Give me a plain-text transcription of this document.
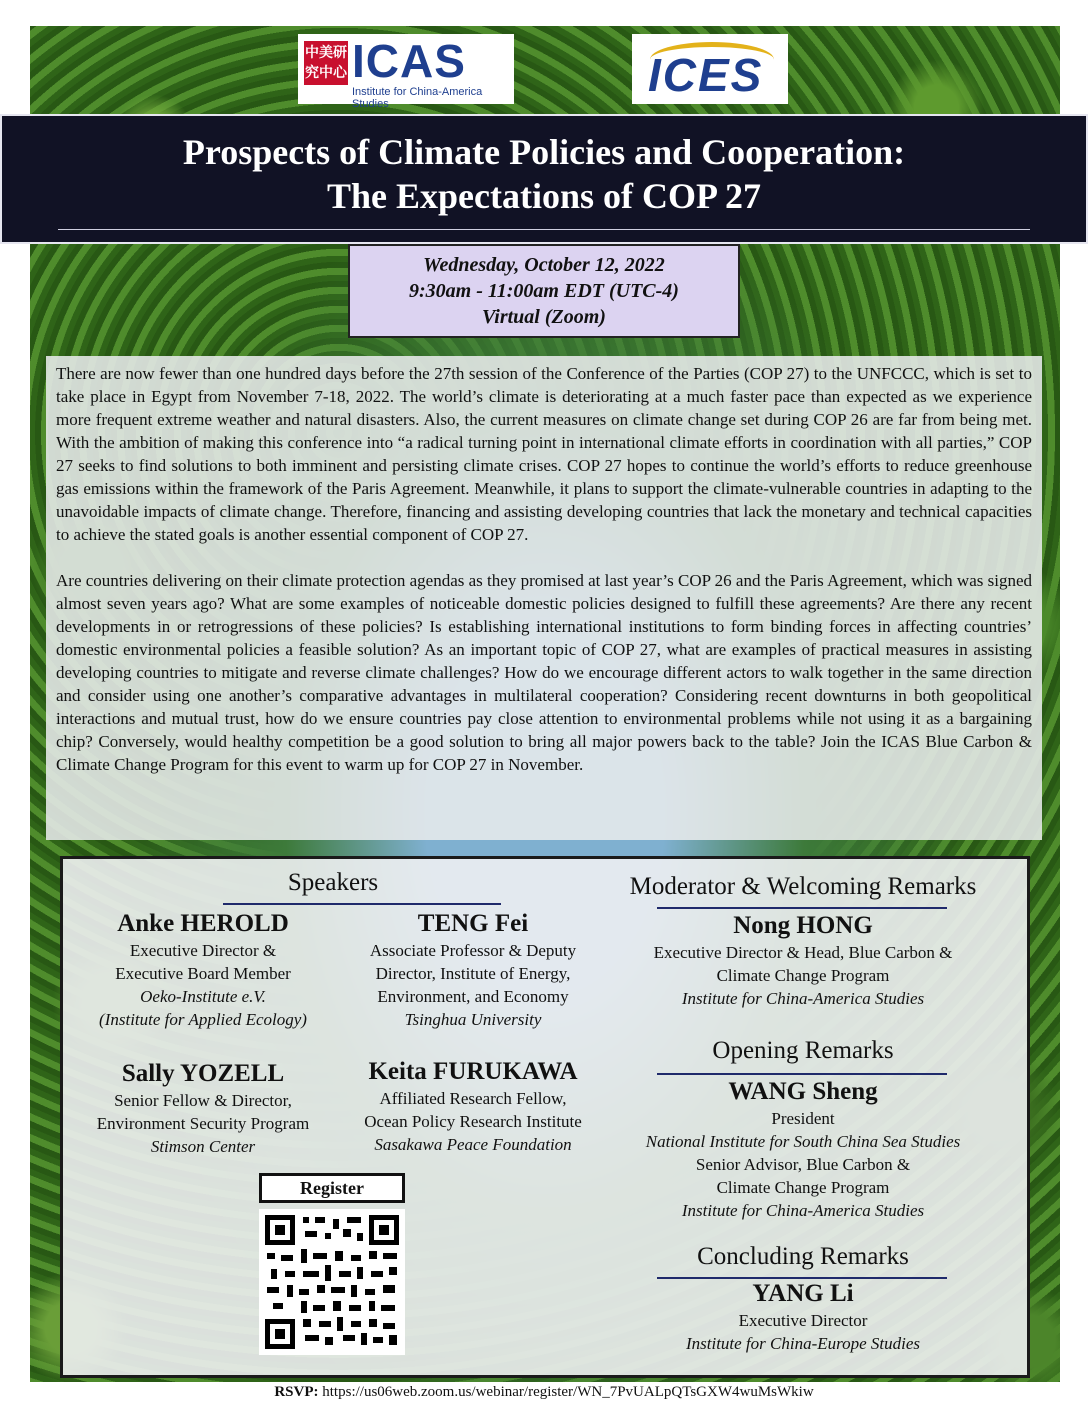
中美研究中心 ICAS
Institute for China-America Studies
ICES
Prospects of Climate Policies and Cooperation:
The Expectations of COP 27
Wednesday, October 12, 2022
9:30am - 11:00am EDT (UTC-4)
Virtual (Zoom)

There are now fewer than one hundred days before the 27th session of the Conference of the Parties (COP 27) to the UNFCCC, which is set to take place in Egypt from November 7-18, 2022. The world’s climate is deteriorating at a much faster pace than expected as we experience more frequent extreme weather and natural disasters. Also, the current measures on climate change set during COP 26 are far from being met. With the ambition of making this conference into “a radical turning point in international climate efforts in coordination with all parties,” COP 27 seeks to find solutions to both imminent and persisting climate crises. COP 27 hopes to continue the world’s efforts to reduce greenhouse gas emissions within the framework of the Paris Agreement. Meanwhile, it plans to support the climate-vulnerable countries in adapting to the unavoidable impacts of climate change. Therefore, financing and assisting developing countries that lack the monetary and technical capacities to achieve the stated goals is another essential component of COP 27.

Are countries delivering on their climate protection agendas as they promised at last year’s COP 26 and the Paris Agreement, which was signed almost seven years ago? What are some examples of noticeable domestic policies designed to fulfill these agreements? Are there any recent developments in or retrogressions of these policies? Is establishing international institutions to form binding forces in affecting countries’ domestic environmental policies a feasible solution? As an important topic of COP 27, what are examples of practical measures in assisting developing countries to mitigate and reverse climate challenges? How do we encourage different actors to walk together in the same direction and consider using one another’s comparative advantages in multilateral cooperation? Considering recent downturns in both geopolitical interactions and mutual trust, how do we ensure countries pay close attention to environmental problems while not using it as a bargaining chip? Conversely, would healthy competition be a good solution to bring all major powers back to the table? Join the ICAS Blue Carbon & Climate Change Program for this event to warm up for COP 27 in November.

Speakers
Anke HEROLD
Executive Director &
Executive Board Member
Oeko-Institute e.V.
(Institute for Applied Ecology)
TENG Fei
Associate Professor & Deputy
Director, Institute of Energy,
Environment, and Economy
Tsinghua University
Sally YOZELL
Senior Fellow & Director,
Environment Security Program
Stimson Center
Keita FURUKAWA
Affiliated Research Fellow,
Ocean Policy Research Institute
Sasakawa Peace Foundation
Moderator & Welcoming Remarks
Nong HONG
Executive Director & Head, Blue Carbon &
Climate Change Program
Institute for China-America Studies
Opening Remarks
WANG Sheng
President
National Institute for South China Sea Studies
Senior Advisor, Blue Carbon &
Climate Change Program
Institute for China-America Studies
Concluding Remarks
YANG Li
Executive Director
Institute for China-Europe Studies
Register
RSVP: https://us06web.zoom.us/webinar/register/WN_7PvUALpQTsGXW4wuMsWkiw
